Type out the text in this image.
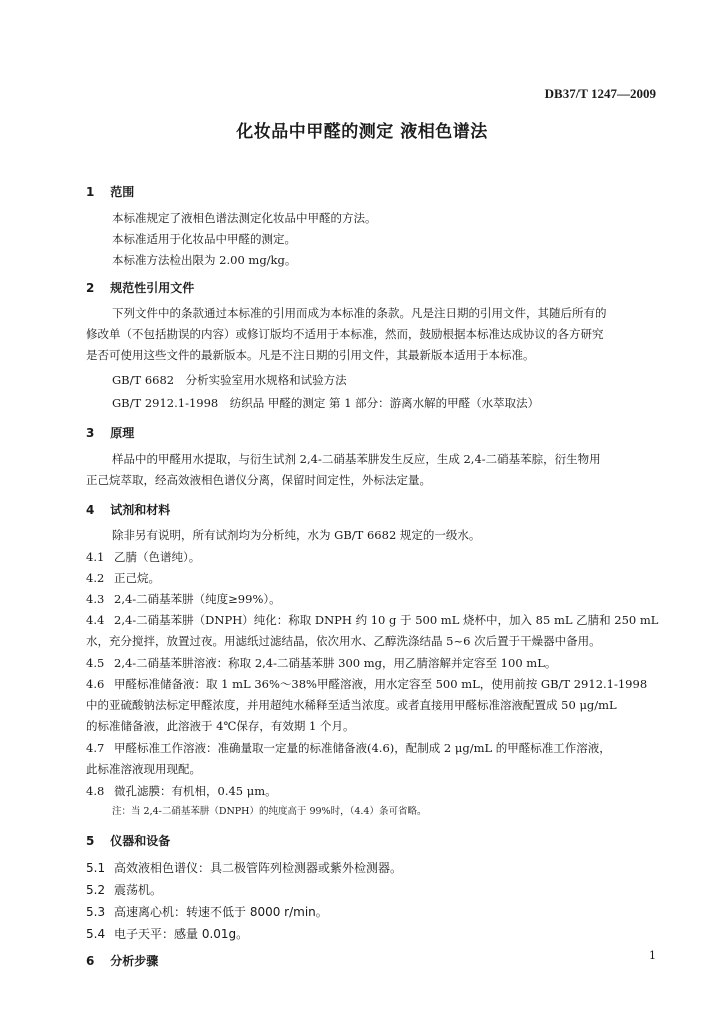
DB37/T 1247—2009
化妆品中甲醛的测定 液相色谱法
1 范围
本标准规定了液相色谱法测定化妆品中甲醛的方法。
本标准适用于化妆品中甲醛的测定。
本标准方法检出限为 2.00 mg/kg。
2 规范性引用文件
下列文件中的条款通过本标准的引用而成为本标准的条款。凡是注日期的引用文件，其随后所有的
修改单（不包括勘误的内容）或修订版均不适用于本标准，然而，鼓励根据本标准达成协议的各方研究
是否可使用这些文件的最新版本。凡是不注日期的引用文件，其最新版本适用于本标准。
GB/T 6682　分析实验室用水规格和试验方法
GB/T 2912.1-1998　纺织品 甲醛的测定 第 1 部分：游离水解的甲醛（水萃取法）
3 原理
样品中的甲醛用水提取，与衍生试剂 2,4-二硝基苯肼发生反应，生成 2,4-二硝基苯腙，衍生物用
正己烷萃取，经高效液相色谱仪分离，保留时间定性，外标法定量。
4 试剂和材料
除非另有说明，所有试剂均为分析纯，水为 GB/T 6682 规定的一级水。
4.1 乙腈（色谱纯）。
4.2 正己烷。
4.3 2,4-二硝基苯肼（纯度≥99%）。
4.4 2,4-二硝基苯肼（DNPH）纯化：称取 DNPH 约 10 g 于 500 mL 烧杯中，加入 85 mL 乙腈和 250 mL
水，充分搅拌，放置过夜。用滤纸过滤结晶，依次用水、乙醇洗涤结晶 5~6 次后置于干燥器中备用。
4.5 2,4-二硝基苯肼溶液：称取 2,4-二硝基苯肼 300 mg，用乙腈溶解并定容至 100 mL。
4.6 甲醛标准储备液：取 1 mL 36%～38%甲醛溶液，用水定容至 500 mL，使用前按 GB/T 2912.1-1998
中的亚硫酸钠法标定甲醛浓度，并用超纯水稀释至适当浓度。或者直接用甲醛标准溶液配置成 50 μg/mL
的标准储备液，此溶液于 4℃保存，有效期 1 个月。
4.7 甲醛标准工作溶液：准确量取一定量的标准储备液(4.6)，配制成 2 μg/mL 的甲醛标准工作溶液，
此标准溶液现用现配。
4.8 微孔滤膜：有机相，0.45 μm。
注：当 2,4-二硝基苯肼（DNPH）的纯度高于 99%时，（4.4）条可省略。
5 仪器和设备
5.1 高效液相色谱仪：具二极管阵列检测器或紫外检测器。
5.2 震荡机。
5.3 高速离心机：转速不低于 8000 r/min。
5.4 电子天平：感量 0.01g。
6 分析步骤	1
